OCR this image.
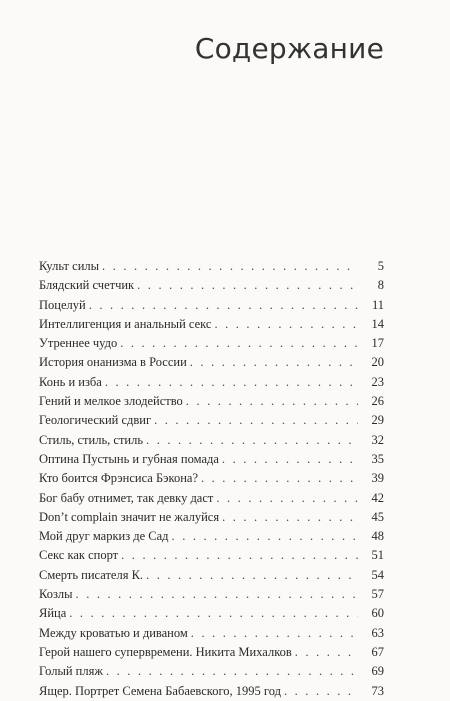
Содержание
Культ силы . . .	5
Блядский счетчик . . .	8
Поцелуй . . .	11
Интеллигенция и анальный секс . . .	14
Утреннее чудо . . .	17
История онанизма в России . . .	20
Конь и изба . . .	23
Гений и мелкое злодейство . . .	26
Геологический сдвиг . . .	29
Стиль, стиль, стиль . . .	32
Оптина Пустынь и губная помада . . .	35
Кто боится Фрэнсиса Бэкона? . . .	39
Бог бабу отнимет, так девку даст . . .	42
Don’t complain значит не жалуйся . . .	45
Мой друг маркиз де Сад . . .	48
Секс как спорт . . .	51
Смерть писателя К. . . .	54
Козлы . . .	57
Яйца . . .	60
Между кроватью и диваном . . .	63
Герой нашего супервремени. Никита Михалков . . .	67
Голый пляж . . .	69
Ящер. Портрет Семена Бабаевского, 1995 год . . .	73
